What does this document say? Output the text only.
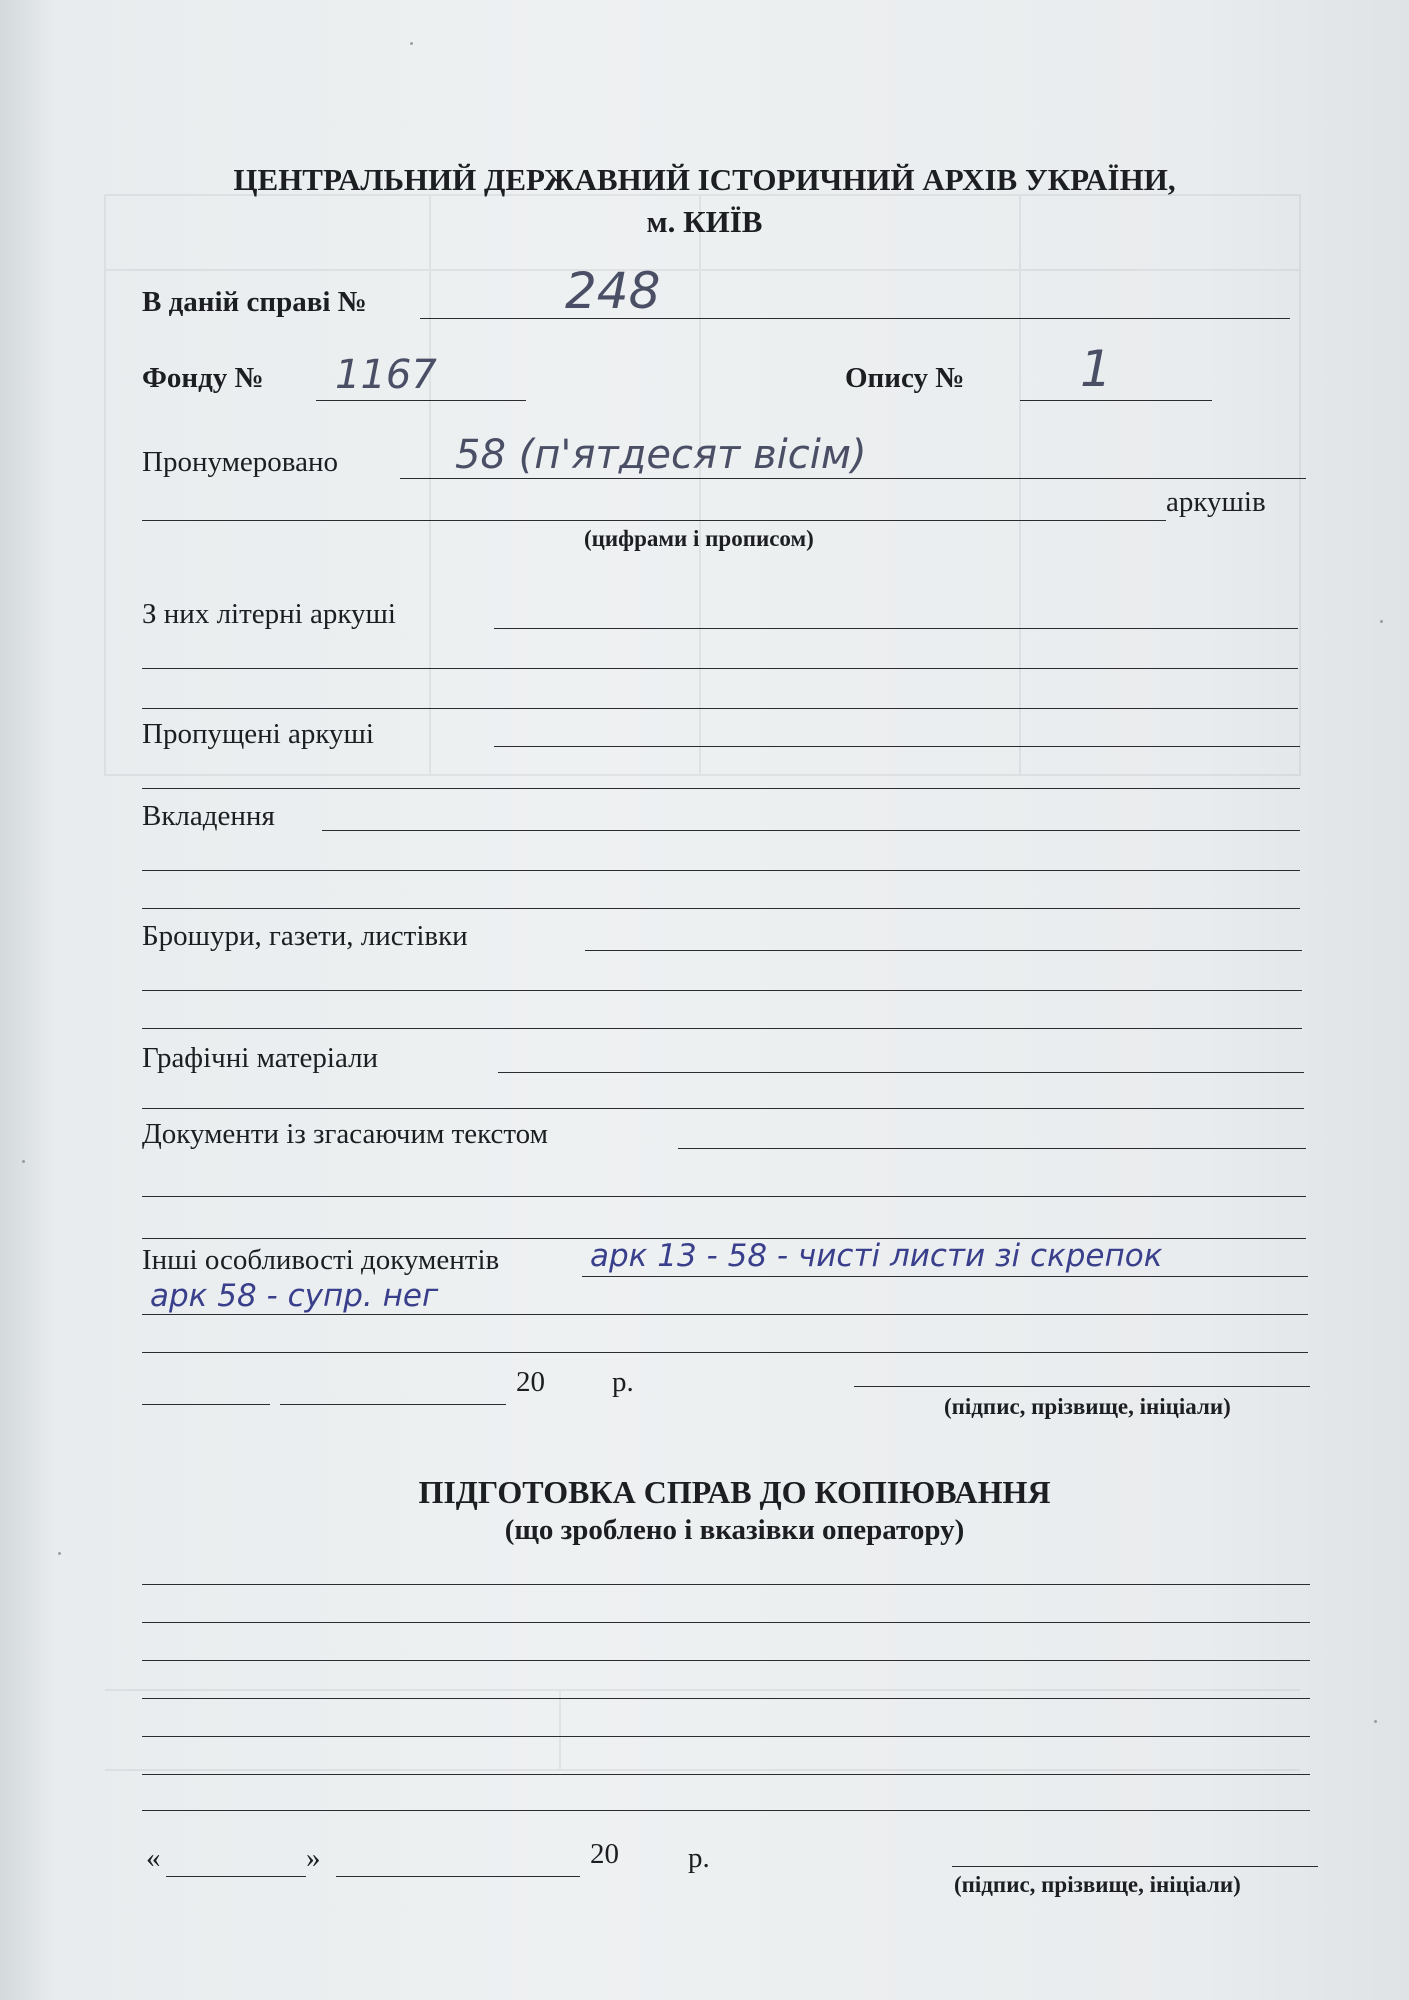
ЦЕНТРАЛЬНИЙ ДЕРЖАВНИЙ ІСТОРИЧНИЙ АРХІВ УКРАЇНИ,
м. КИЇВ
В даній справі №	248
Фонду № 1167	Опису № 1
Пронумеровано	58 (п'ятдесят вісім)
аркушів
(цифрами і прописом)
З них літерні аркуші
Пропущені аркуші
Вкладення
Брошури, газети, листівки
Графічні матеріали
Документи із згасаючим текстом
Інші особливості документів	арк 13 - 58 - чисті листи зі скрепок
арк 58 - супр. нег
20 р.
(підпис, прізвище, ініціали)
ПІДГОТОВКА СПРАВ ДО КОПІЮВАННЯ
(що зроблено і вказівки оператору)
«	»	20 р.
(підпис, прізвище, ініціали)
